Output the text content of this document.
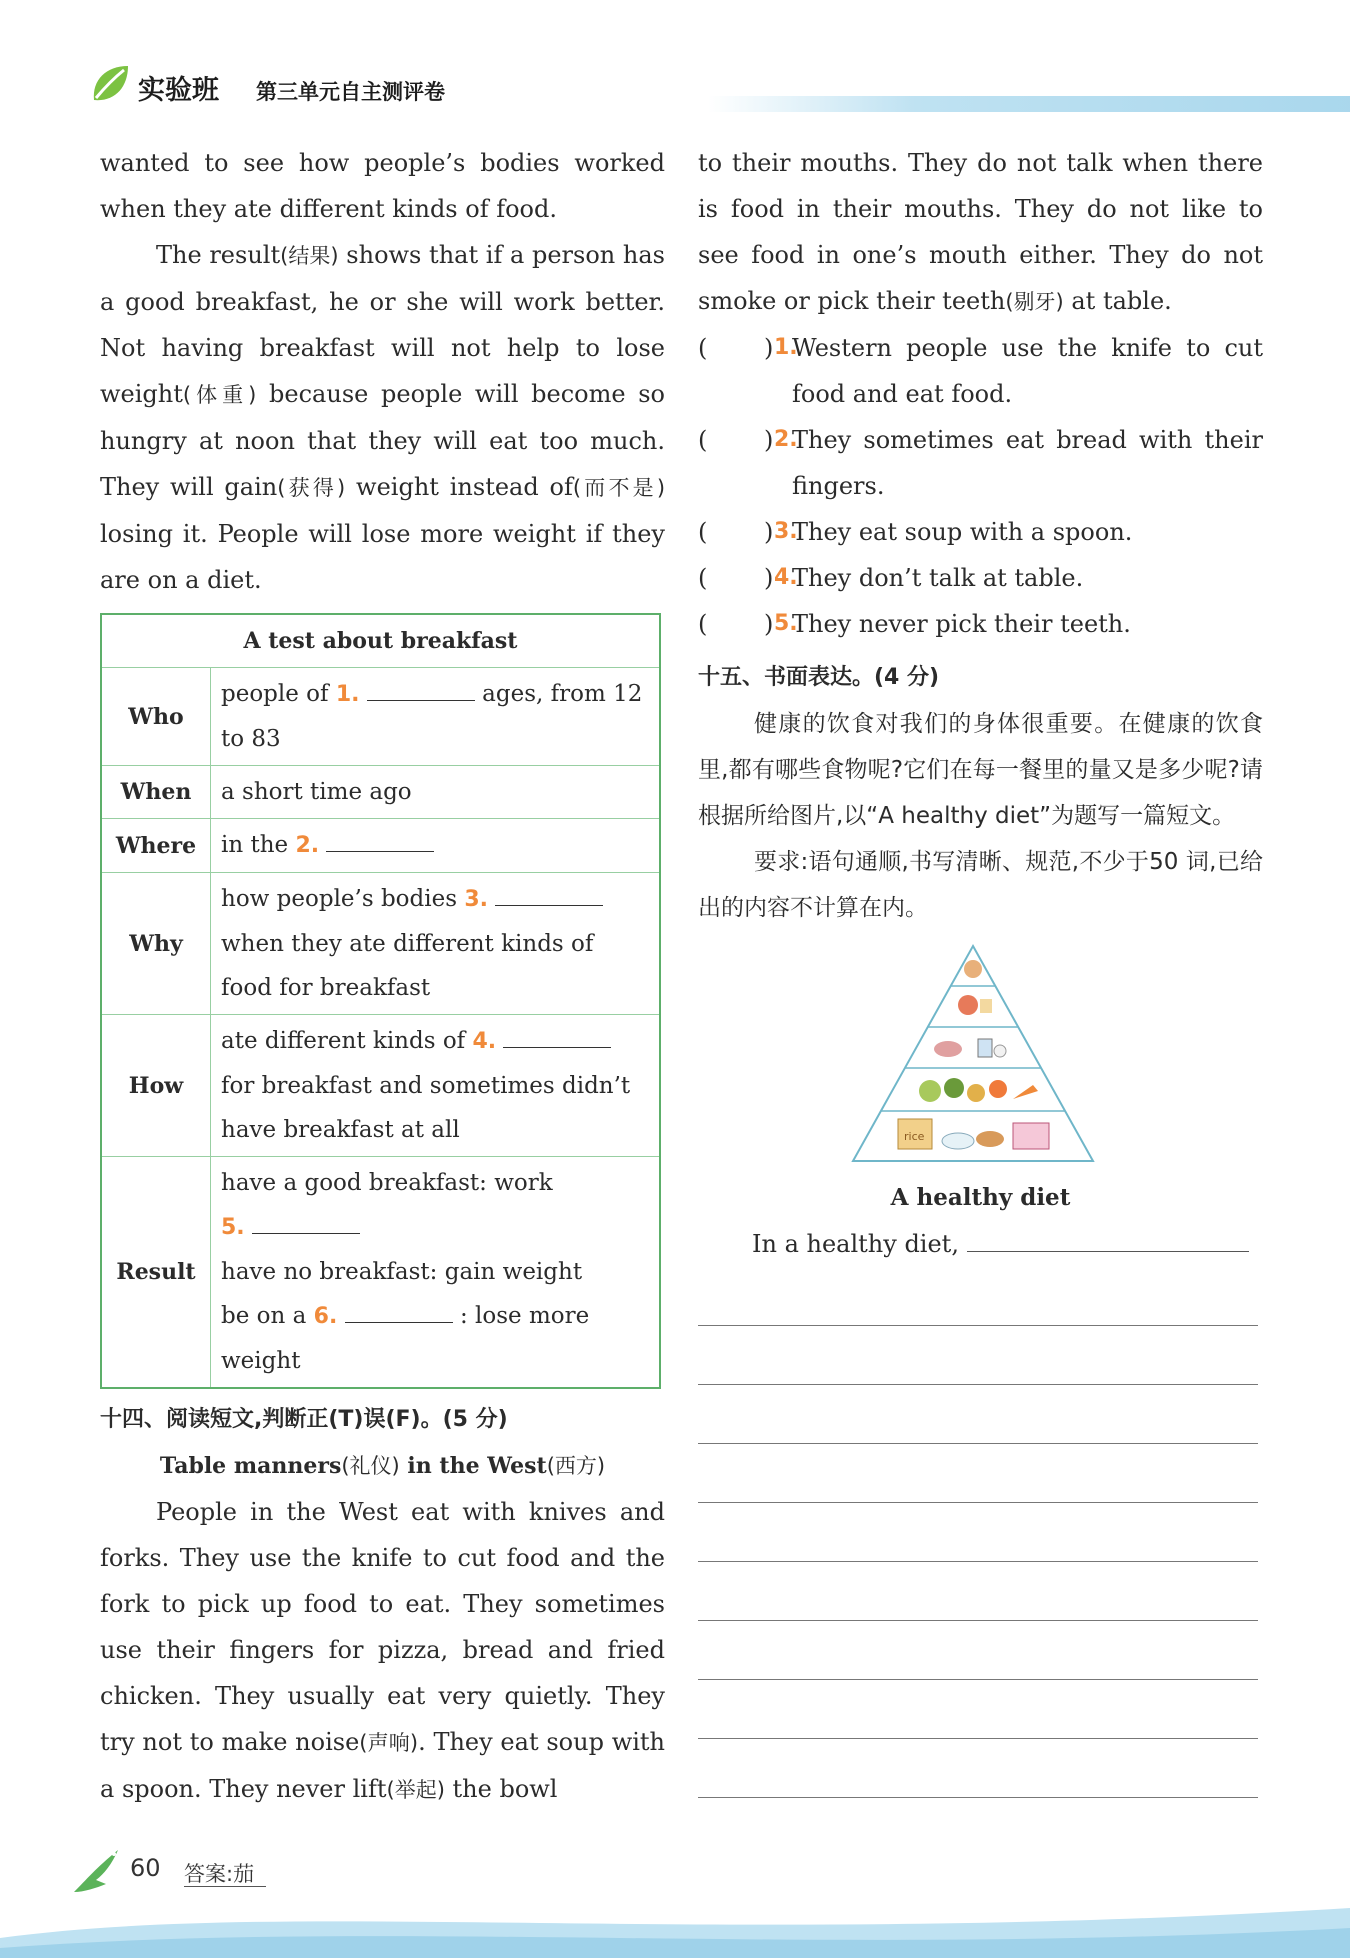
实验班 第三单元自主测评卷

wanted to see how people’s bodies worked when they ate different kinds of food.

The result(结果) shows that if a person has a good breakfast, he or she will work better. Not having breakfast will not help to lose weight(体重) because people will become so hungry at noon that they will eat too much. They will gain(获得) weight instead of(而不是) losing it. People will lose more weight if they are on a diet.

A test about breakfast	
Who	people of 1. ages, from 12 to 83
When	a short time ago
Where	in the 2.
Why	how people’s bodies 3.  when they ate different kinds of food for breakfast
How	ate different kinds of 4.  for breakfast and sometimes didn’t have breakfast at all
Result	have a good breakfast: work
5.
have no breakfast: gain weight
be on a 6. : lose more weight
十四、阅读短文,判断正(T)误(F)。(5 分)
Table manners(礼仪) in the West(西方)

People in the West eat with knives and forks. They use the knife to cut food and the fork to pick up food to eat. They sometimes use their fingers for pizza, bread and fried chicken. They usually eat very quietly. They try not to make noise(声响). They eat soup with a spoon. They never lift(举起) the bowl

to their mouths. They do not talk when there is food in their mouths. They do not like to see food in one’s mouth either. They do not smoke or pick their teeth(剔牙) at table.

( ) 1.
Western people use the knife to cut food and eat food.
( ) 2.
They sometimes eat bread with their fingers.
( ) 3.
They eat soup with a spoon.
( ) 4.
They don’t talk at table.
( ) 5.
They never pick their teeth.
十五、书面表达。(4 分)

健康的饮食对我们的身体很重要。在健康的饮食里,都有哪些食物呢?它们在每一餐里的量又是多少呢?请根据所给图片,以“A healthy diet”为题写一篇短文。

要求:语句通顺,书写清晰、规范,不少于50 词,已给出的内容不计算在内。

rice
A healthy diet
In a healthy diet,
60 答案:茄
